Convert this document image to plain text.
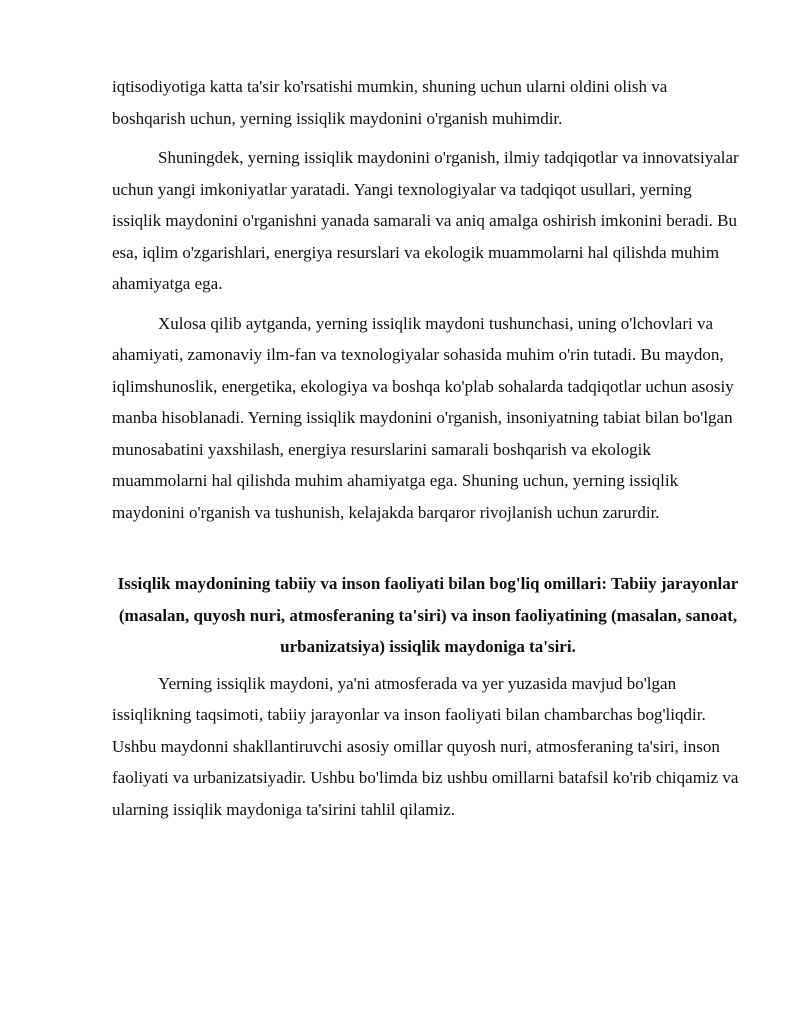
iqtisodiyotiga katta ta'sir ko'rsatishi mumkin, shuning uchun ularni oldini olish va boshqarish uchun, yerning issiqlik maydonini o'rganish muhimdir.

Shuningdek, yerning issiqlik maydonini o'rganish, ilmiy tadqiqotlar va innovatsiyalar uchun yangi imkoniyatlar yaratadi. Yangi texnologiyalar va tadqiqot usullari, yerning issiqlik maydonini o'rganishni yanada samarali va aniq amalga oshirish imkonini beradi. Bu esa, iqlim o'zgarishlari, energiya resurslari va ekologik muammolarni hal qilishda muhim ahamiyatga ega.

Xulosa qilib aytganda, yerning issiqlik maydoni tushunchasi, uning o'lchovlari va ahamiyati, zamonaviy ilm-fan va texnologiyalar sohasida muhim o'rin tutadi. Bu maydon, iqlimshunoslik, energetika, ekologiya va boshqa ko'plab sohalarda tadqiqotlar uchun asosiy manba hisoblanadi. Yerning issiqlik maydonini o'rganish, insoniyatning tabiat bilan bo'lgan munosabatini yaxshilash, energiya resurslarini samarali boshqarish va ekologik muammolarni hal qilishda muhim ahamiyatga ega. Shuning uchun, yerning issiqlik maydonini o'rganish va tushunish, kelajakda barqaror rivojlanish uchun zarurdir.

Issiqlik maydonining tabiiy va inson faoliyati bilan bog'liq omillari: Tabiiy jarayonlar (masalan, quyosh nuri, atmosferaning ta'siri) va inson faoliyatining (masalan, sanoat, urbanizatsiya) issiqlik maydoniga ta'siri.

Yerning issiqlik maydoni, ya'ni atmosferada va yer yuzasida mavjud bo'lgan issiqlikning taqsimoti, tabiiy jarayonlar va inson faoliyati bilan chambarchas bog'liqdir. Ushbu maydonni shakllantiruvchi asosiy omillar quyosh nuri, atmosferaning ta'siri, inson faoliyati va urbanizatsiyadir. Ushbu bo'limda biz ushbu omillarni batafsil ko'rib chiqamiz va ularning issiqlik maydoniga ta'sirini tahlil qilamiz.
